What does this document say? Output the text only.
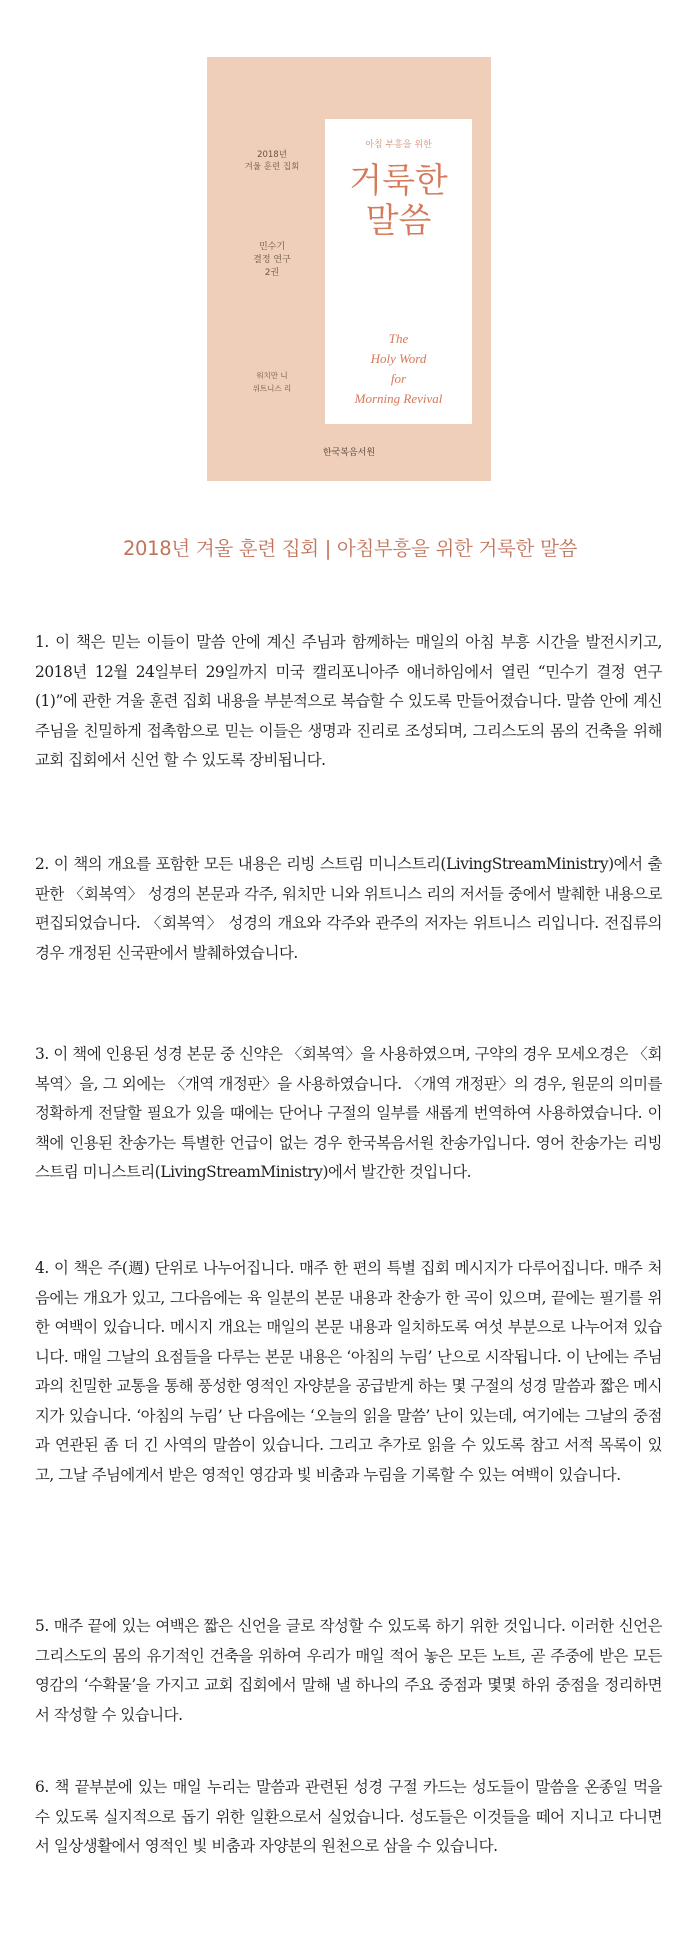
2018년
겨울 훈련 집회
민수기
결정 연구
2권
워치만 니
위트니스 리
아침 부흥을 위한
거룩한
말씀
The
Holy Word
for
Morning Revival
한국복음서원
2018년 겨울 훈련 집회 | 아침부흥을 위한 거룩한 말씀
1. 이 책은 믿는 이들이 말씀 안에 계신 주님과 함께하는 매일의 아침 부흥 시간을 발전시키고, 2018년 12월 24일부터 29일까지 미국 캘리포니아주 애너하임에서 열린 “민수기 결정 연구(1)”에 관한 겨울 훈련 집회 내용을 부분적으로 복습할 수 있도록 만들어졌습니다. 말씀 안에 계신 주님을 친밀하게 접촉함으로 믿는 이들은 생명과 진리로 조성되며, 그리스도의 몸의 건축을 위해 교회 집회에서 신언 할 수 있도록 장비됩니다.
2. 이 책의 개요를 포함한 모든 내용은 리빙 스트림 미니스트리(LivingStreamMinistry)에서 출판한 〈회복역〉 성경의 본문과 각주, 워치만 니와 위트니스 리의 저서들 중에서 발췌한 내용으로 편집되었습니다. 〈회복역〉 성경의 개요와 각주와 관주의 저자는 위트니스 리입니다. 전집류의 경우 개정된 신국판에서 발췌하였습니다.
3. 이 책에 인용된 성경 본문 중 신약은 〈회복역〉을 사용하였으며, 구약의 경우 모세오경은 〈회복역〉을, 그 외에는 〈개역 개정판〉을 사용하였습니다. 〈개역 개정판〉의 경우, 원문의 의미를 정확하게 전달할 필요가 있을 때에는 단어나 구절의 일부를 새롭게 번역하여 사용하였습니다. 이 책에 인용된 찬송가는 특별한 언급이 없는 경우 한국복음서원 찬송가입니다. 영어 찬송가는 리빙 스트림 미니스트리(LivingStreamMinistry)에서 발간한 것입니다.
4. 이 책은 주(週) 단위로 나누어집니다. 매주 한 편의 특별 집회 메시지가 다루어집니다. 매주 처음에는 개요가 있고, 그다음에는 육 일분의 본문 내용과 찬송가 한 곡이 있으며, 끝에는 필기를 위한 여백이 있습니다. 메시지 개요는 매일의 본문 내용과 일치하도록 여섯 부분으로 나누어져 있습니다. 매일 그날의 요점들을 다루는 본문 내용은 ‘아침의 누림’ 난으로 시작됩니다. 이 난에는 주님과의 친밀한 교통을 통해 풍성한 영적인 자양분을 공급받게 하는 몇 구절의 성경 말씀과 짧은 메시지가 있습니다. ‘아침의 누림’ 난 다음에는 ‘오늘의 읽을 말씀’ 난이 있는데, 여기에는 그날의 중점과 연관된 좀 더 긴 사역의 말씀이 있습니다. 그리고 추가로 읽을 수 있도록 참고 서적 목록이 있고, 그날 주님에게서 받은 영적인 영감과 빛 비춤과 누림을 기록할 수 있는 여백이 있습니다.
5. 매주 끝에 있는 여백은 짧은 신언을 글로 작성할 수 있도록 하기 위한 것입니다. 이러한 신언은 그리스도의 몸의 유기적인 건축을 위하여 우리가 매일 적어 놓은 모든 노트, 곧 주중에 받은 모든 영감의 ‘수확물’을 가지고 교회 집회에서 말해 낼 하나의 주요 중점과 몇몇 하위 중점을 정리하면서 작성할 수 있습니다.
6. 책 끝부분에 있는 매일 누리는 말씀과 관련된 성경 구절 카드는 성도들이 말씀을 온종일 먹을 수 있도록 실지적으로 돕기 위한 일환으로서 실었습니다. 성도들은 이것들을 떼어 지니고 다니면서 일상생활에서 영적인 빛 비춤과 자양분의 원천으로 삼을 수 있습니다.
